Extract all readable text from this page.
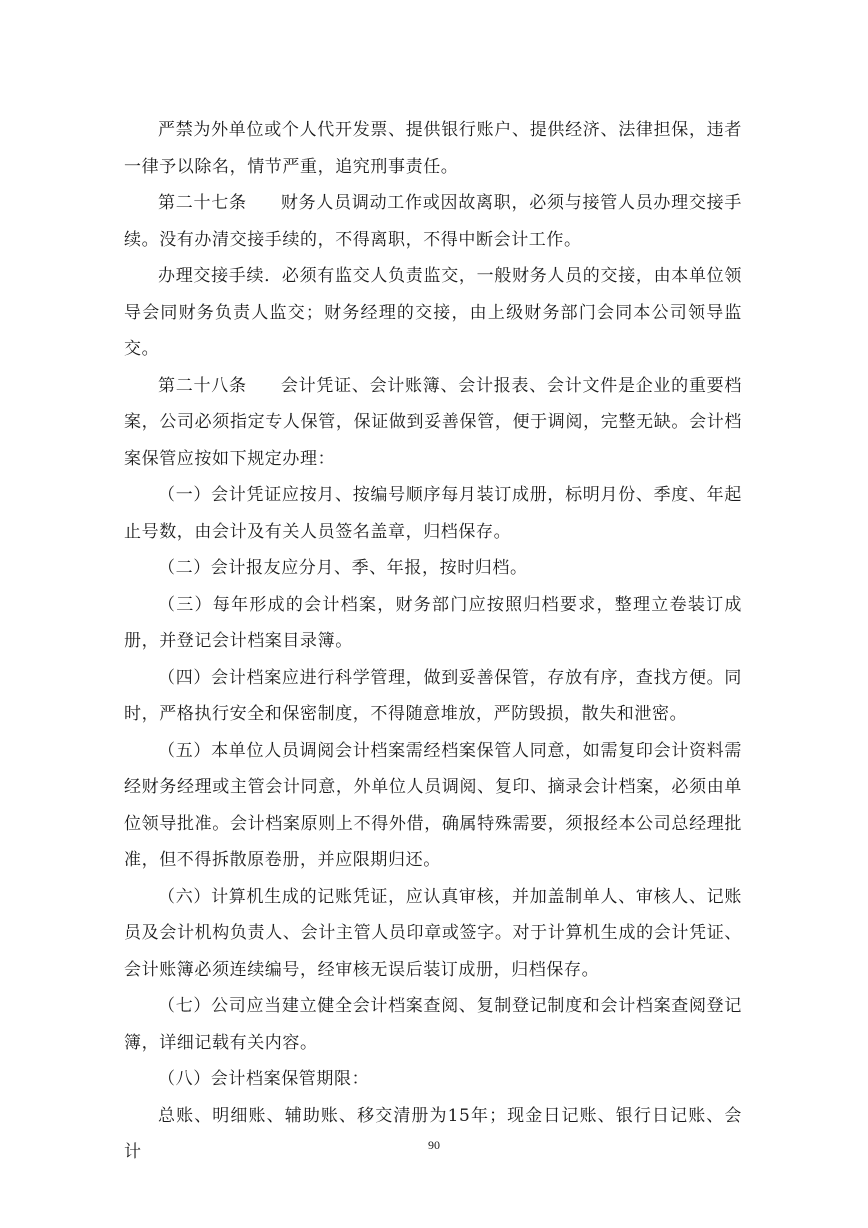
严禁为外单位或个人代开发票、提供银行账户、提供经济、法律担保，违者一律予以除名，情节严重，追究刑事责任。

第二十七条 财务人员调动工作或因故离职，必须与接管人员办理交接手续。没有办清交接手续的，不得离职，不得中断会计工作。

办理交接手续．必须有监交人负责监交，一般财务人员的交接，由本单位领导会同财务负责人监交；财务经理的交接，由上级财务部门会同本公司领导监交。

第二十八条 会计凭证、会计账簿、会计报表、会计文件是企业的重要档案，公司必须指定专人保管，保证做到妥善保管，便于调阅，完整无缺。会计档案保管应按如下规定办理：

（一）会计凭证应按月、按编号顺序每月装订成册，标明月份、季度、年起止号数，由会计及有关人员签名盖章，归档保存。

（二）会计报友应分月、季、年报，按时归档。

（三）每年形成的会计档案，财务部门应按照归档要求，整理立卷装订成册，并登记会计档案目录簿。

（四）会计档案应进行科学管理，做到妥善保管，存放有序，查找方便。同时，严格执行安全和保密制度，不得随意堆放，严防毁损，散失和泄密。

（五）本单位人员调阅会计档案需经档案保管人同意，如需复印会计资料需经财务经理或主管会计同意，外单位人员调阅、复印、摘录会计档案，必须由单位领导批准。会计档案原则上不得外借，确属特殊需要，须报经本公司总经理批准，但不得拆散原卷册，并应限期归还。

（六）计算机生成的记账凭证，应认真审核，并加盖制单人、审核人、记账员及会计机构负责人、会计主管人员印章或签字。对于计算机生成的会计凭证、会计账簿必须连续编号，经审核无误后装订成册，归档保存。

（七）公司应当建立健全会计档案查阅、复制登记制度和会计档案查阅登记簿，详细记载有关内容。

（八）会计档案保管期限：

总账、明细账、辅助账、移交清册为15年；现金日记账、银行日记账、会计	90
